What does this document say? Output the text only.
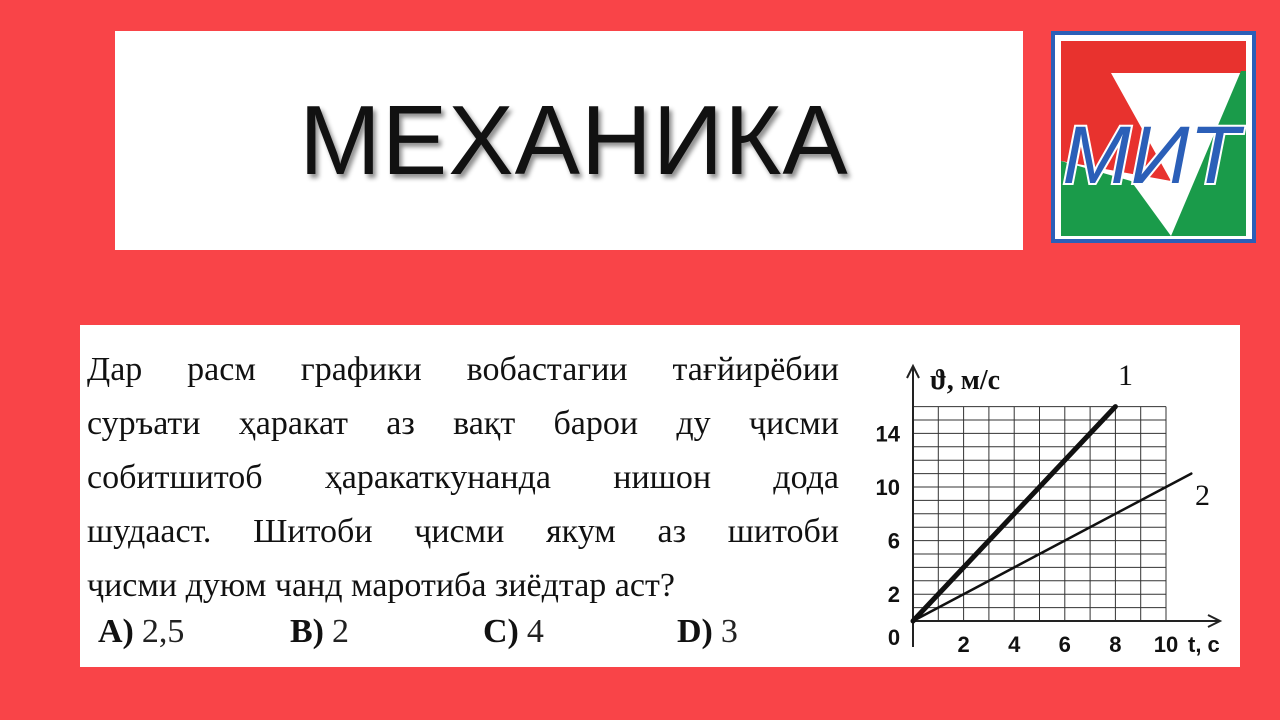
МЕХАНИКА	МИТ
Дар расм графики вобастагии тағйирёбии
суръати ҳаракат аз вақт барои ду ҷисми
собитшитоб ҳаракаткунанда нишон дода
шудааст. Шитоби ҷисми якум аз шитоби
ҷисми дуюм чанд маротиба зиёдтар аст?
A) 2,5	B) 2	C) 4	D) 3
1
2
2 4 6 8 10
2
6
10
14
0
ϑ, м/с
t, c
